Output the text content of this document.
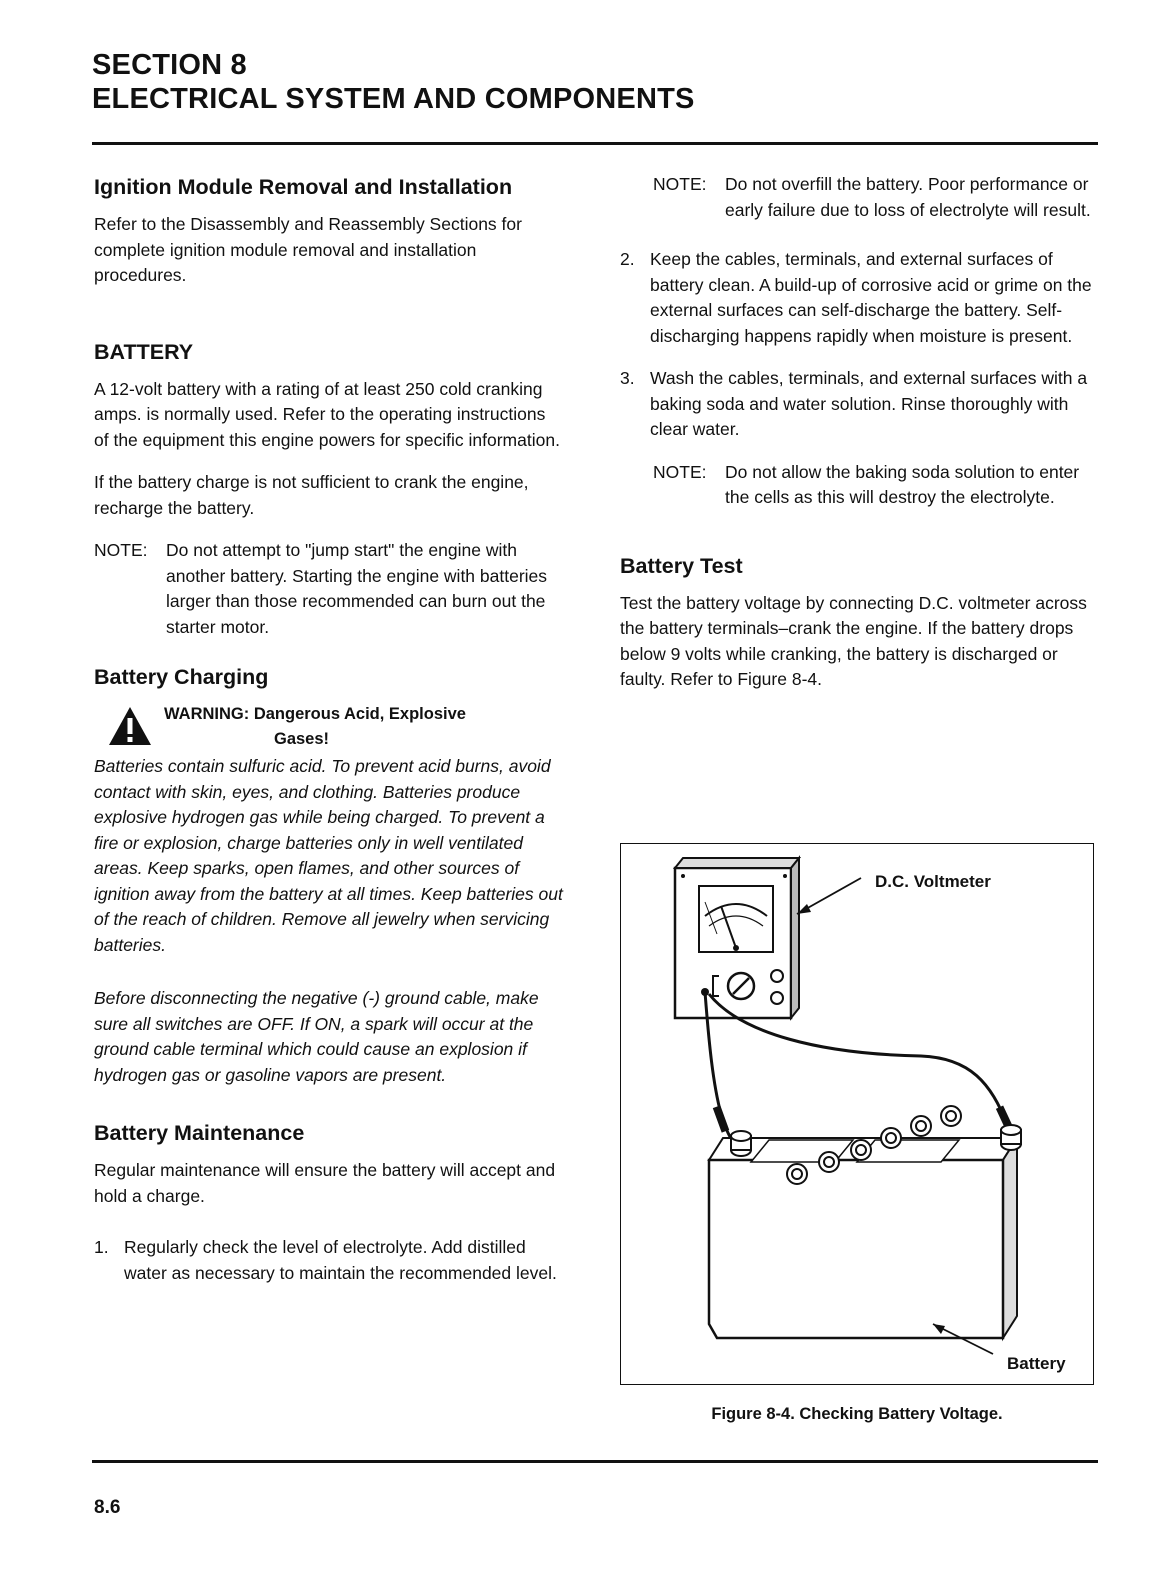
SECTION 8
ELECTRICAL SYSTEM AND COMPONENTS
Ignition Module Removal and Installation

Refer to the Disassembly and Reassembly Sections for complete ignition module removal and installation procedures.

BATTERY

A 12-volt battery with a rating of at least 250 cold cranking amps. is normally used. Refer to the operating instructions of the equipment this engine powers for specific information.

If the battery charge is not sufficient to crank the engine, recharge the battery.

NOTE:	Do not attempt to "jump start" the engine with another battery. Starting the engine with batteries larger than those recommended can burn out the starter motor.
Battery Charging
WARNING: Dangerous Acid, Explosive
Gases!

Batteries contain sulfuric acid. To prevent acid burns, avoid contact with skin, eyes, and clothing. Batteries produce explosive hydrogen gas while being charged. To prevent a fire or explosion, charge batteries only in well ventilated areas. Keep sparks, open flames, and other sources of ignition away from the battery at all times. Keep batteries out of the reach of children. Remove all jewelry when servicing batteries.

Before disconnecting the negative (-) ground cable, make sure all switches are OFF. If ON, a spark will occur at the ground cable terminal which could cause an explosion if hydrogen gas or gasoline vapors are present.

Battery Maintenance

Regular maintenance will ensure the battery will accept and hold a charge.

1. Regularly check the level of electrolyte. Add distilled water as necessary to maintain the recommended level.
NOTE:	Do not overfill the battery. Poor performance or early failure due to loss of electrolyte will result.
2. Keep the cables, terminals, and external surfaces of battery clean. A build-up of corrosive acid or grime on the external surfaces can self-discharge the battery. Self-discharging happens rapidly when moisture is present.
3. Wash the cables, terminals, and external surfaces with a baking soda and water solution. Rinse thoroughly with clear water.
NOTE:	Do not allow the baking soda solution to enter the cells as this will destroy the electrolyte.
Battery Test

Test the battery voltage by connecting D.C. voltmeter across the battery terminals–crank the engine. If the battery drops below 9 volts while cranking, the battery is discharged or faulty. Refer to Figure 8-4.

D.C. Voltmeter
Battery
Figure 8-4. Checking Battery Voltage.
8.6
